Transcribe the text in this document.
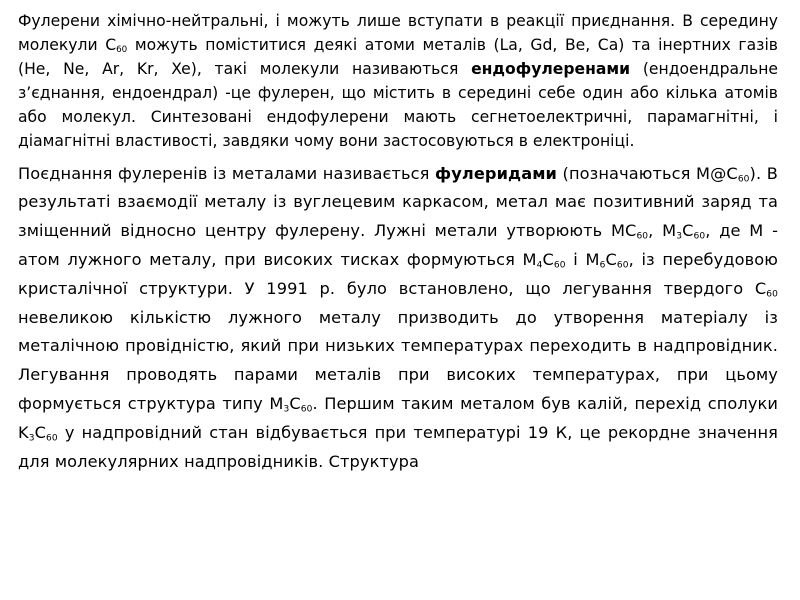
Фулерени хімічно-нейтральні, і можуть лише вступати в реакції приєднання. В середину молекули $C_{60}$ можуть поміститися деякі атоми металів (La, Gd, Be, Ca) та інертних газів (He, Ne, Ar, Kr, Xe), такі молекули називаються ендофулеренами (ендоендральне з’єднання, ендоендрал) -це фулерен, що містить в середині себе один або кілька атомів або молекул. Синтезовані ендофулерени мають сегнетоелектричні, парамагнітні, і діамагнітні властивості, завдяки чому вони застосовуються в електроніці.

Поєднання фулеренів із металами називається фулеридами (позначаються $M@C_{60}$). В результаті взаємодії металу із вуглецевим каркасом, метал має позитивний заряд та зміщенний відносно центру фулерену. Лужні метали утворюють $MC_{60}$, $M_3C_{60}$, де М - атом лужного металу, при високих тисках формуються $M_4C_{60}$ і $M_6C_{60}$, із перебудовою кристалічної структури. У 1991 р. було встановлено, що легування твердого $C_{60}$ невеликою кількістю лужного металу призводить до утворення матеріалу із металічною провідністю, який при низьких температурах переходить в надпровідник. Легування проводять парами металів при високих температурах, при цьому формується структура типу $M_3C_{60}$. Першим таким металом був калій, перехід сполуки $K_3C_{60}$ у надпровідний стан відбувається при температурі 19 К, це рекордне значення для молекулярних надпровідників. Структура
